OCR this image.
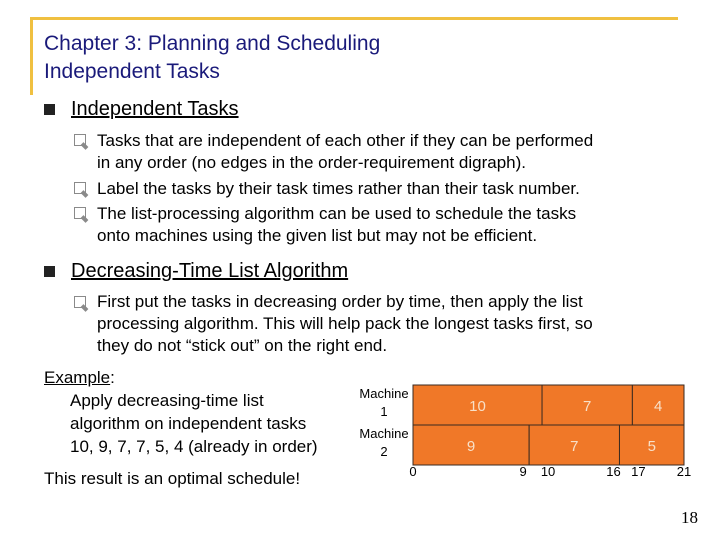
Chapter 3: Planning and Scheduling
Independent Tasks
Independent Tasks
Tasks that are independent of each other if they can be performed
in any order (no edges in the order-requirement digraph).
Label the tasks by their task times rather than their task number.
The list-processing algorithm can be used to schedule the tasks
onto machines using the given list but may not be efficient.
Decreasing-Time List Algorithm
First put the tasks in decreasing order by time, then apply the list
processing algorithm. This will help pack the longest tasks first, so
they do not “stick out” on the right end.
Example:
Apply decreasing-time list
algorithm on independent tasks
10, 9, 7, 7, 5, 4 (already in order)
This result is an optimal schedule!
Machine
1	10	7	4
Machine
2	9	7	5
0	9 10	16 17 21
18
